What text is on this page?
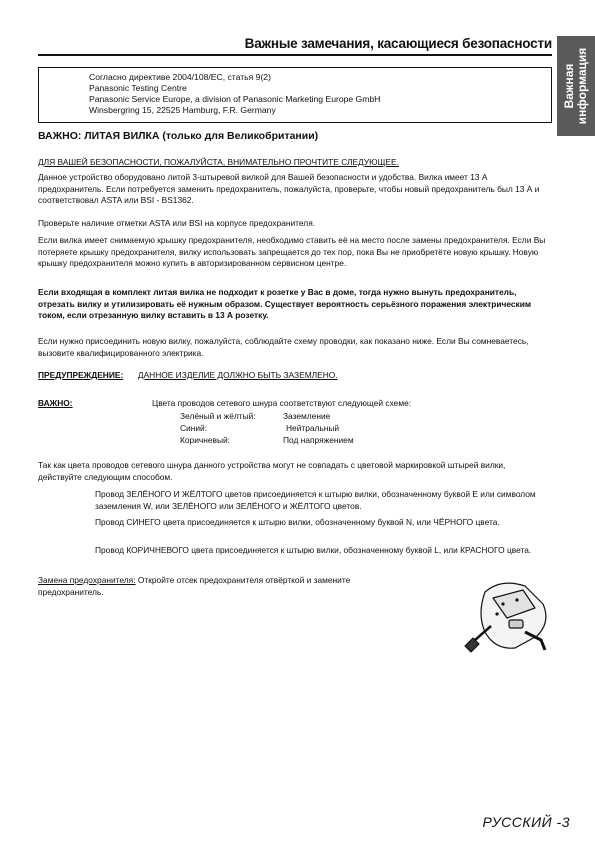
Важные замечания, касающиеся безопасности
Важная информация
Согласно директиве 2004/108/EC, статья 9(2)
Panasonic Testing Centre
Panasonic Service Europe, a division of Panasonic Marketing Europe GmbH
Winsbergring 15, 22525 Hamburg, F.R. Germany
ВАЖНО: ЛИТАЯ ВИЛКА (только для Великобритании)
ДЛЯ ВАШЕЙ БЕЗОПАСНОСТИ, ПОЖАЛУЙСТА, ВНИМАТЕЛЬНО ПРОЧТИТЕ СЛЕДУЮЩЕЕ.
Данное устройство оборудовано литой 3-штыревой вилкой для Вашей безопасности и удобства. Вилка имеет 13 А предохранитель. Если потребуется заменить предохранитель, пожалуйста, проверьте, чтобы новый предохранитель был 13 А и соответствовал ASTA или BSI - BS1362.
Проверьте наличие отметки ASTA или BSI на корпусе предохранителя.
Если вилка имеет снимаемую крышку предохранителя, необходимо ставить её на место после замены предохранителя. Если Вы потеряете крышку предохранителя, вилку использовать запрещается до тех пор, пока Вы не приобретёте новую крышку. Новую крышку предохранителя можно купить в авторизированном сервисном центре.
Если входящая в комплект литая вилка не подходит к розетке у Вас в доме, тогда нужно вынуть предохранитель, отрезать вилку и утилизировать её нужным образом. Существует вероятность серьёзного поражения электрическим током, если отрезанную вилку вставить в 13 А розетку.
Если нужно присоединить новую вилку, пожалуйста, соблюдайте схему проводки, как показано ниже. Если Вы сомневаетесь, вызовите квалифицированного электрика.
ПРЕДУПРЕЖДЕНИЕ: ДАННОЕ ИЗДЕЛИЕ ДОЛЖНО БЫТЬ ЗАЗЕМЛЕНО.
ВАЖНО:	Цвета проводов сетевого шнура соответствуют следующей схеме:
Зелёный и жёлтый:	Заземление
Синий:	Нейтральный
Коричневый:	Под напряжением
Так как цвета проводов сетевого шнура данного устройства могут не совпадать с цветовой маркировкой штырей вилки, действуйте следующим способом.
Провод ЗЕЛЁНОГО И ЖЁЛТОГО цветов присоединяется к штырю вилки, обозначенному буквой E или символом заземления W, или ЗЕЛЁНОГО или ЗЕЛЁНОГО и ЖЁЛТОГО цветов.
Провод СИНЕГО цвета присоединяется к штырю вилки, обозначенному буквой N, или ЧЁРНОГО цвета.
Провод КОРИЧНЕВОГО цвета присоединяется к штырю вилки, обозначенному буквой L, или КРАСНОГО цвета.
Замена предохранителя: Откройте отсек предохранителя отвёрткой и замените предохранитель.
РУССКИЙ -3
